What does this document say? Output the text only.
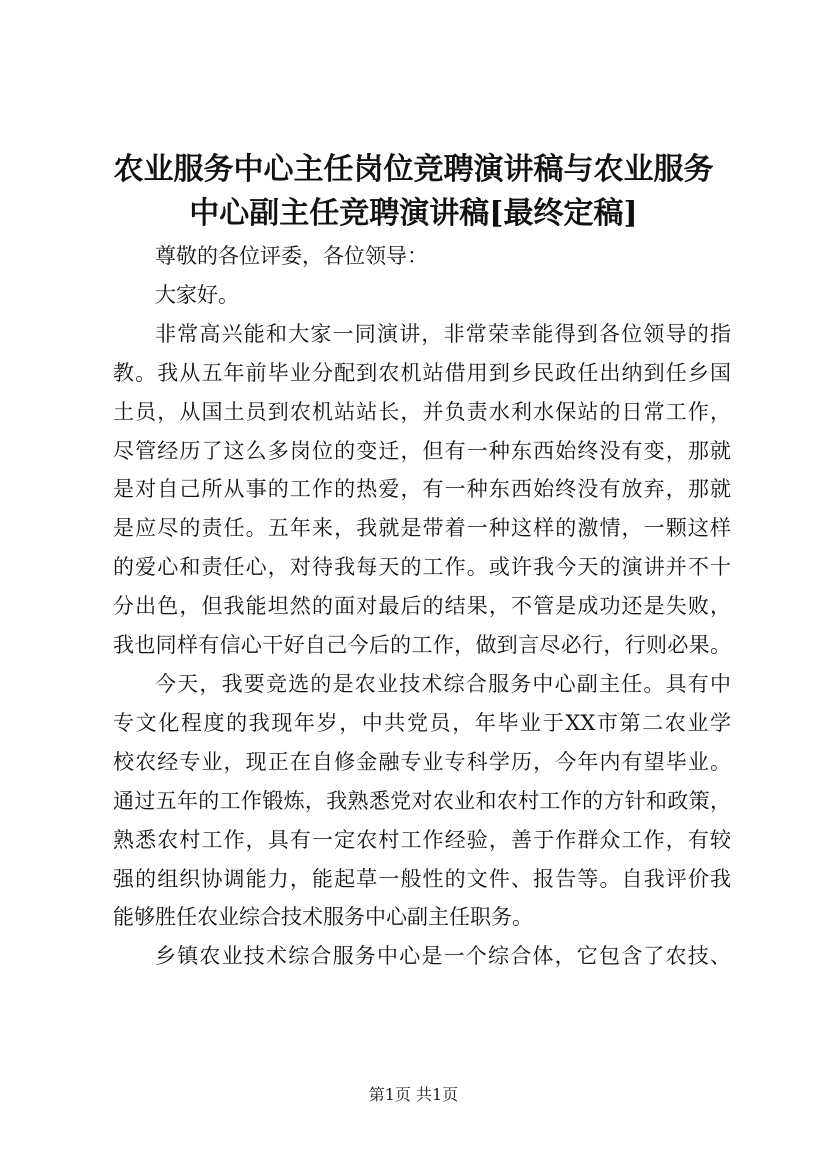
农业服务中心主任岗位竞聘演讲稿与农业服务
中心副主任竞聘演讲稿[最终定稿]
尊敬的各位评委，各位领导：
大家好。
非常高兴能和大家一同演讲，非常荣幸能得到各位领导的指
教。我从五年前毕业分配到农机站借用到乡民政任出纳到任乡国
土员，从国土员到农机站站长，并负责水利水保站的日常工作，
尽管经历了这么多岗位的变迁，但有一种东西始终没有变，那就
是对自己所从事的工作的热爱，有一种东西始终没有放弃，那就
是应尽的责任。五年来，我就是带着一种这样的激情，一颗这样
的爱心和责任心，对待我每天的工作。或许我今天的演讲并不十
分出色，但我能坦然的面对最后的结果，不管是成功还是失败，
我也同样有信心干好自己今后的工作，做到言尽必行，行则必果。
今天，我要竞选的是农业技术综合服务中心副主任。具有中
专文化程度的我现年岁，中共党员，年毕业于XX市第二农业学
校农经专业，现正在自修金融专业专科学历，今年内有望毕业。
通过五年的工作锻炼，我熟悉党对农业和农村工作的方针和政策，
熟悉农村工作，具有一定农村工作经验，善于作群众工作，有较
强的组织协调能力，能起草一般性的文件、报告等。自我评价我
能够胜任农业综合技术服务中心副主任职务。
乡镇农业技术综合服务中心是一个综合体，它包含了农技、
第1页 共1页
